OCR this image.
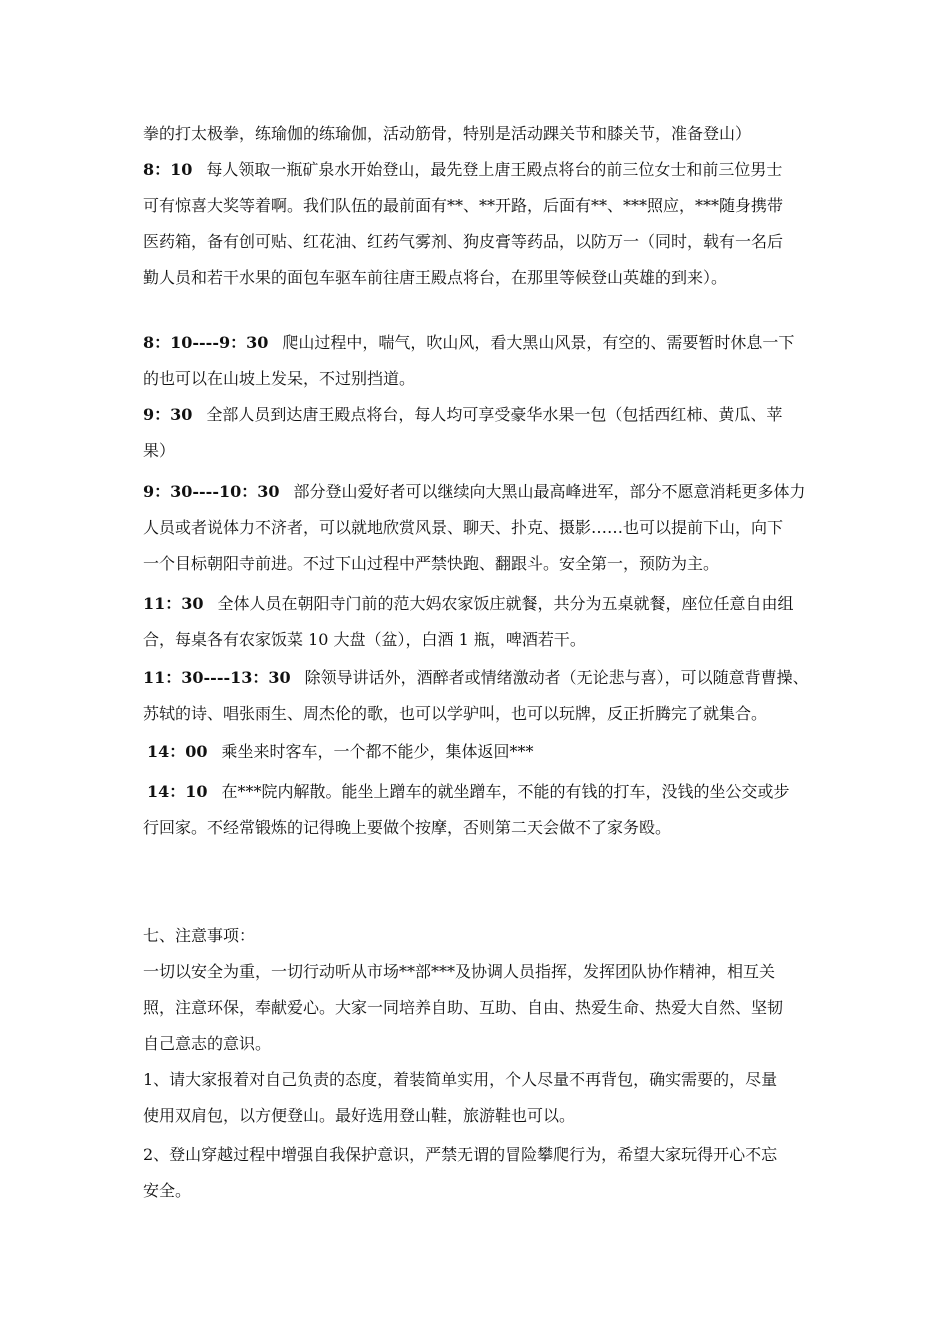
拳的打太极拳，练瑜伽的练瑜伽，活动筋骨，特别是活动踝关节和膝关节，准备登山）
8：10 每人领取一瓶矿泉水开始登山，最先登上唐王殿点将台的前三位女士和前三位男士
可有惊喜大奖等着啊。我们队伍的最前面有**、**开路，后面有**、***照应，***随身携带
医药箱，备有创可贴、红花油、红药气雾剂、狗皮膏等药品，以防万一（同时，载有一名后
勤人员和若干水果的面包车驱车前往唐王殿点将台，在那里等候登山英雄的到来）。
8：10----9：30 爬山过程中，喘气，吹山风，看大黑山风景，有空的、需要暂时休息一下
的也可以在山坡上发呆，不过别挡道。
9：30 全部人员到达唐王殿点将台，每人均可享受豪华水果一包（包括西红柿、黄瓜、苹
果）
9：30----10：30 部分登山爱好者可以继续向大黑山最高峰进军，部分不愿意消耗更多体力
人员或者说体力不济者，可以就地欣赏风景、聊天、扑克、摄影……也可以提前下山，向下
一个目标朝阳寺前进。不过下山过程中严禁快跑、翻跟斗。安全第一，预防为主。
11：30 全体人员在朝阳寺门前的范大妈农家饭庄就餐，共分为五桌就餐，座位任意自由组
合，每桌各有农家饭菜 10 大盘（盆），白酒 1 瓶，啤酒若干。
11：30----13：30 除领导讲话外，酒醉者或情绪激动者（无论悲与喜），可以随意背曹操、
苏轼的诗、唱张雨生、周杰伦的歌，也可以学驴叫，也可以玩牌，反正折腾完了就集合。
14：00 乘坐来时客车，一个都不能少，集体返回***
14：10 在***院内解散。能坐上蹭车的就坐蹭车，不能的有钱的打车，没钱的坐公交或步
行回家。不经常锻炼的记得晚上要做个按摩，否则第二天会做不了家务殴。
七、注意事项：
一切以安全为重，一切行动听从市场**部***及协调人员指挥，发挥团队协作精神，相互关
照，注意环保，奉献爱心。大家一同培养自助、互助、自由、热爱生命、热爱大自然、坚韧
自己意志的意识。
1、请大家报着对自己负责的态度，着装简单实用，个人尽量不再背包，确实需要的，尽量
使用双肩包，以方便登山。最好选用登山鞋，旅游鞋也可以。
2、登山穿越过程中增强自我保护意识，严禁无谓的冒险攀爬行为，希望大家玩得开心不忘
安全。
